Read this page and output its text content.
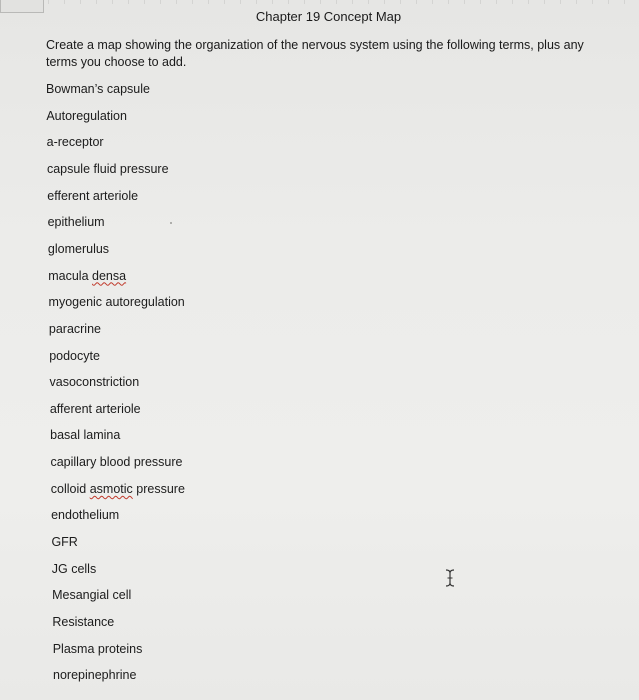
Chapter 19 Concept Map
Create a map showing the organization of the nervous system using the following terms, plus any terms you choose to add.
Bowman’s capsule
Autoregulation
a-receptor
capsule fluid pressure
efferent arteriole
epithelium
glomerulus
macula densa
myogenic autoregulation
paracrine
podocyte
vasoconstriction
afferent arteriole
basal lamina
capillary blood pressure
colloid asmotic pressure
endothelium
GFR
JG cells
Mesangial cell
Resistance
Plasma proteins
norepinephrine
